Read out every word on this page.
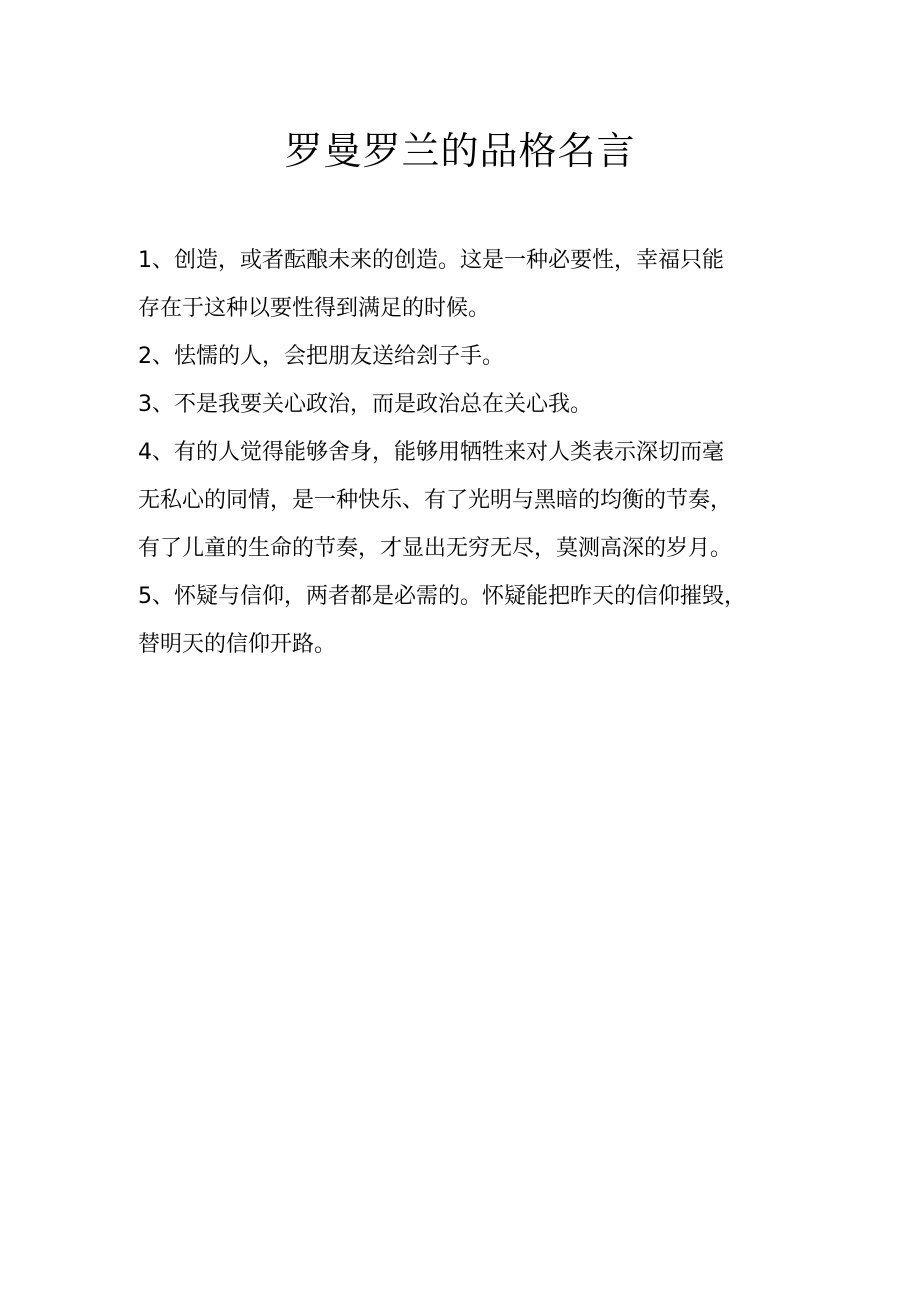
罗曼罗兰的品格名言
1、创造，或者酝酿未来的创造。这是一种必要性，幸福只能
存在于这种以要性得到满足的时候。
2、怯懦的人，会把朋友送给刽子手。
3、不是我要关心政治，而是政治总在关心我。
4、有的人觉得能够舍身，能够用牺牲来对人类表示深切而毫
无私心的同情，是一种快乐、有了光明与黑暗的均衡的节奏，
有了儿童的生命的节奏，才显出无穷无尽，莫测高深的岁月。
5、怀疑与信仰，两者都是必需的。怀疑能把昨天的信仰摧毁，
替明天的信仰开路。
